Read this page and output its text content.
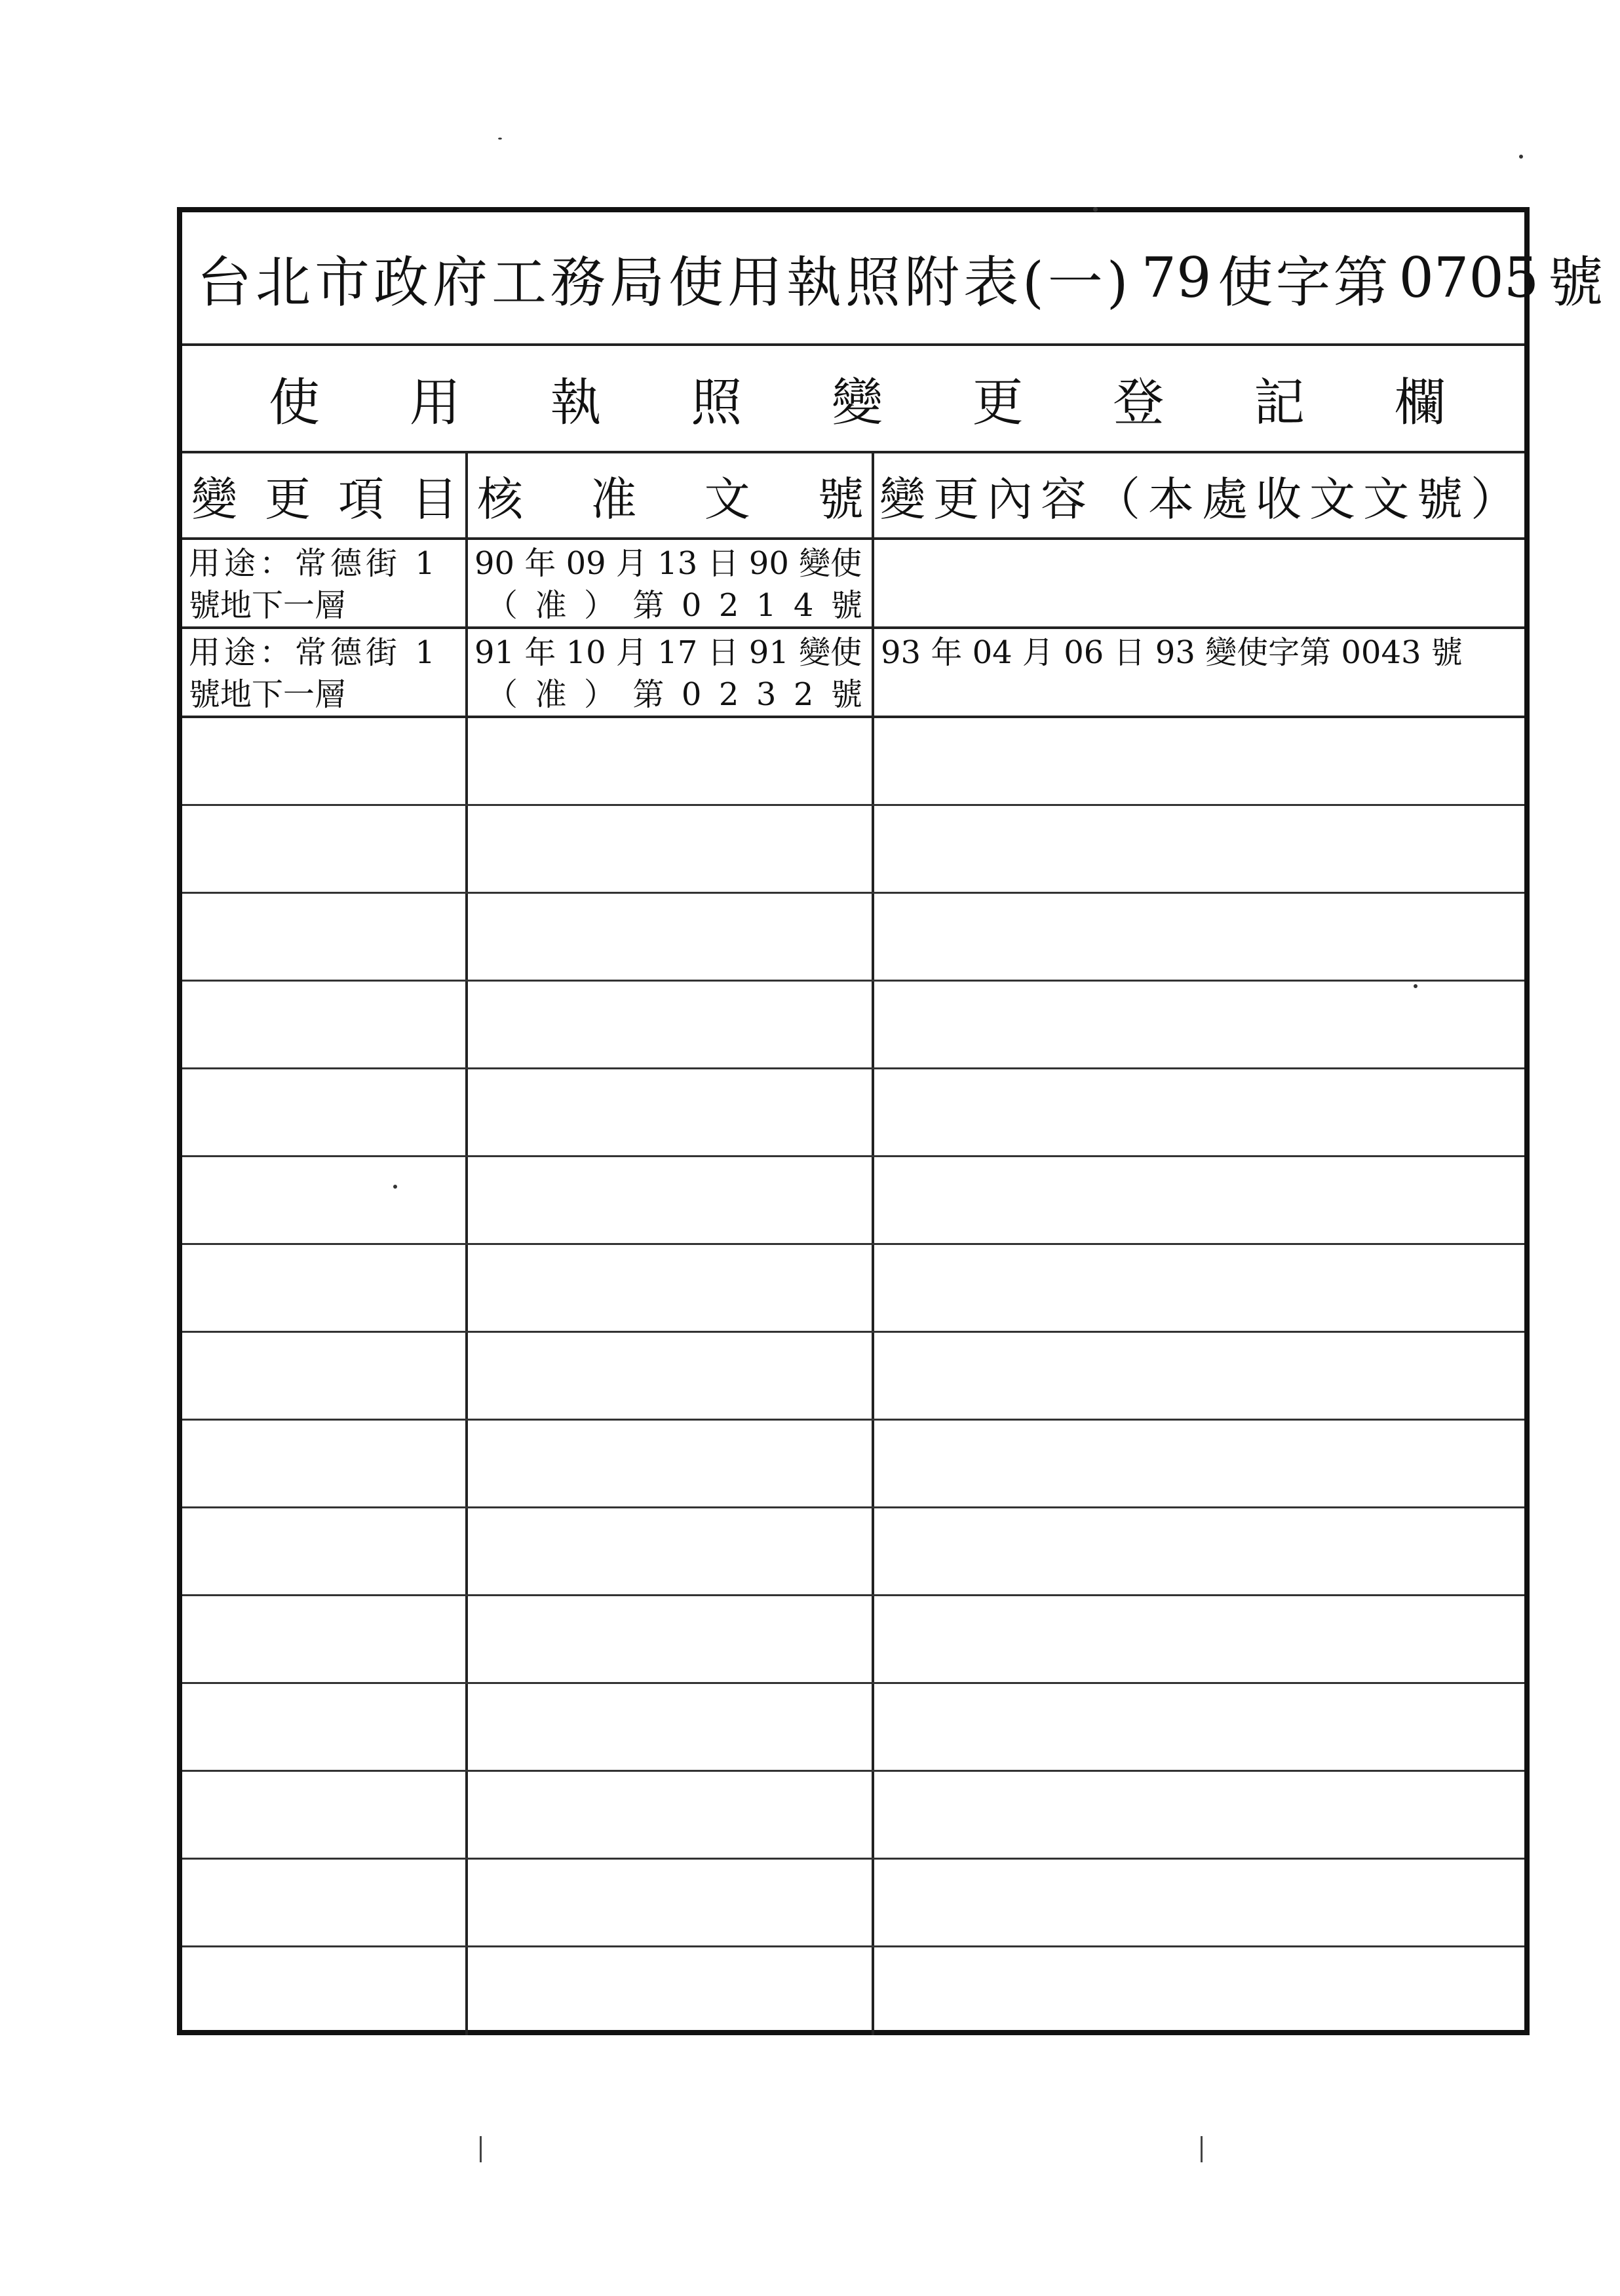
台北市政府工務局使用執照附表(一) 79 使字第 0705 號
使 用 執 照 變 更 登 記 欄
變 更 項 目 核 准 文 號 變更內容（本處收文文號）
用途：常德街 1
號地下一層
90 年 09 月 13 日 90 變使
（ 准 ） 第 0 2 1 4 號
用途：常德街 1
號地下一層
91 年 10 月 17 日 91 變使
（ 准 ） 第 0 2 3 2 號
93 年 04 月 06 日 93 變使字第 0043 號
